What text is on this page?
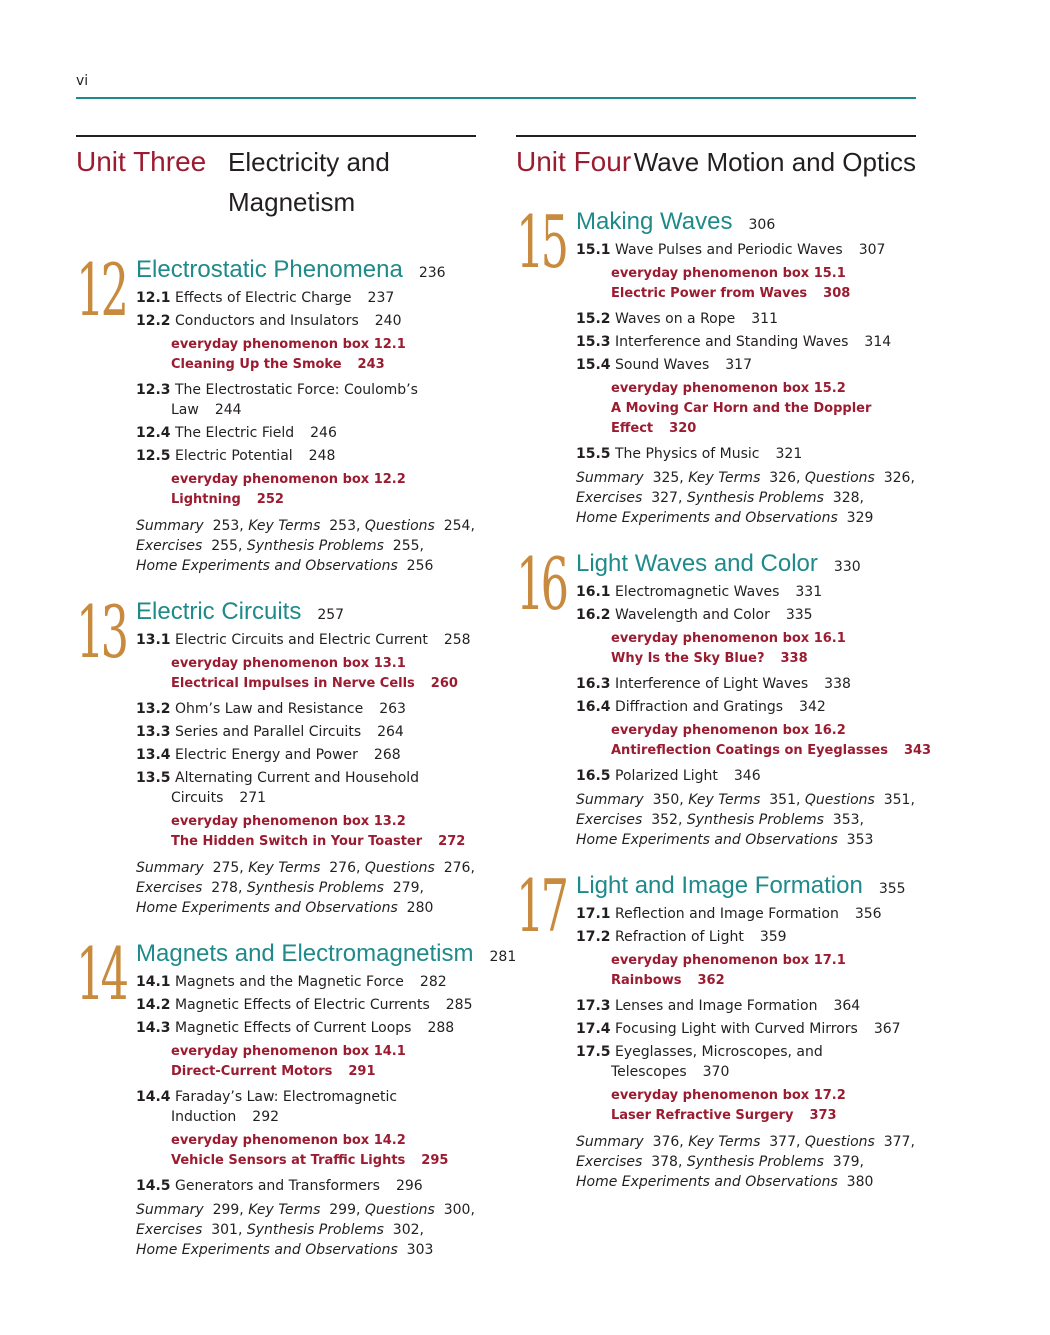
vi
Unit Three Electricity and
Magnetism
12 Electrostatic Phenomena 236
12.1 Effects of Electric Charge 237
12.2 Conductors and Insulators 240
everyday phenomenon box 12.1
Cleaning Up the Smoke 243
12.3 The Electrostatic Force: Coulomb’s
Law 244
12.4 The Electric Field 246
12.5 Electric Potential 248
everyday phenomenon box 12.2
Lightning 252
Summary 253, Key Terms 253, Questions 254,
Exercises 255, Synthesis Problems 255,
Home Experiments and Observations 256
13 Electric Circuits 257
13.1 Electric Circuits and Electric Current 258
everyday phenomenon box 13.1
Electrical Impulses in Nerve Cells 260
13.2 Ohm’s Law and Resistance 263
13.3 Series and Parallel Circuits 264
13.4 Electric Energy and Power 268
13.5 Alternating Current and Household
Circuits 271
everyday phenomenon box 13.2
The Hidden Switch in Your Toaster 272
Summary 275, Key Terms 276, Questions 276,
Exercises 278, Synthesis Problems 279,
Home Experiments and Observations 280
14 Magnets and Electromagnetism 281
14.1 Magnets and the Magnetic Force 282
14.2 Magnetic Effects of Electric Currents 285
14.3 Magnetic Effects of Current Loops 288
everyday phenomenon box 14.1
Direct-Current Motors 291
14.4 Faraday’s Law: Electromagnetic
Induction 292
everyday phenomenon box 14.2
Vehicle Sensors at Traffic Lights 295
14.5 Generators and Transformers 296
Summary 299, Key Terms 299, Questions 300,
Exercises 301, Synthesis Problems 302,
Home Experiments and Observations 303
Unit Four Wave Motion and Optics
15 Making Waves 306
15.1 Wave Pulses and Periodic Waves 307
everyday phenomenon box 15.1
Electric Power from Waves 308
15.2 Waves on a Rope 311
15.3 Interference and Standing Waves 314
15.4 Sound Waves 317
everyday phenomenon box 15.2
A Moving Car Horn and the Doppler
Effect 320
15.5 The Physics of Music 321
Summary 325, Key Terms 326, Questions 326,
Exercises 327, Synthesis Problems 328,
Home Experiments and Observations 329
16 Light Waves and Color 330
16.1 Electromagnetic Waves 331
16.2 Wavelength and Color 335
everyday phenomenon box 16.1
Why Is the Sky Blue? 338
16.3 Interference of Light Waves 338
16.4 Diffraction and Gratings 342
everyday phenomenon box 16.2
Antireflection Coatings on Eyeglasses 343
16.5 Polarized Light 346
Summary 350, Key Terms 351, Questions 351,
Exercises 352, Synthesis Problems 353,
Home Experiments and Observations 353
17 Light and Image Formation 355
17.1 Reflection and Image Formation 356
17.2 Refraction of Light 359
everyday phenomenon box 17.1
Rainbows 362
17.3 Lenses and Image Formation 364
17.4 Focusing Light with Curved Mirrors 367
17.5 Eyeglasses, Microscopes, and
Telescopes 370
everyday phenomenon box 17.2
Laser Refractive Surgery 373
Summary 376, Key Terms 377, Questions 377,
Exercises 378, Synthesis Problems 379,
Home Experiments and Observations 380
